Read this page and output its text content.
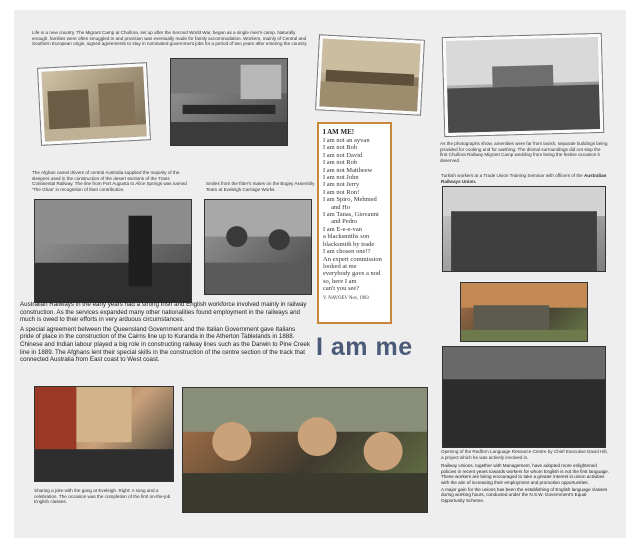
Life in a new country. The Migrant Camp at Chullora, set up after the Second World War, began as a single men's camp. Naturally enough, families were often smuggled in and provision was eventually made for family accommodation. Workers, mainly of Central and Southern European origin, signed agreements to stay in nominated government jobs for a period of two years after entering the country.
As the photographs show, amenities were far from lavish, separate buildings being provided for cooking and for washing. The dismal surroundings did not stop the first Chullora Railway Migrant Camp wedding from being the festive occasion it deserved.
The Afghan camel drivers of central Australia supplied the majority of the sleepers used in the construction of the desert sections of the Trans Continental Railway. The line from Port Augusta to Alice Springs was named 'The Ghan' in recognition of their contribution.
Smiles from the fitter's mates on the Bogey Assembly Team at Eveleigh Carriage Works.
Turkish workers at a Trade Union Training Seminar with officers of the Australian Railways Union.
I AM ME!
I am not an ayvan
I am not Bob
I am not David
I am not Rob
I am not Mattheew
I am not John
I am not Jerry
I am not Ron!
I am Spiro, Mehmed
and Ho
I am Tanas, Giovanni
and Pedro
I am E-e-e-van
a blacksmiths son
blacksmith by trade
I am chosen one!?
An expert commission
looked at me
everybody gave a nod
so, here I am
can't you see?
V. NAVOEV Nov, 1983
I am me

Australian Railways in the early years had a strong Irish and English workforce involved mainly in railway construction. As the services expanded many other nationalities found employment in the railways and much is owed to their efforts in very arduous circumstances.

A special agreement between the Queensland Government and the Italian Government gave Italians pride of place in the construction of the Cairns line up to Kuranda in the Atherton Tablelands in 1888. Chinese and Indian labour played a big role in constructing railway lines such as the Darwin to Pine Creek line in 1889. The Afghans lent their special skills in the construction of the centre section of the track that connected Australia from East coast to West coast.

Sharing a joke with the gang at Eveleigh. Right: A song and a celebration. The occasion was the completion of the first on-the-job English classes.
Opening of the Redfern Language Resource Centre by Chief Executive David Hill, a project which he was actively involved in.

Railway Unions, together with Management, have adopted more enlightened policies in recent years towards workers for whom English is not the first language. These workers are being encouraged to take a greater interest in union activities with the aim of increasing their employment and promotion opportunities.

A major gain for the unions has been the establishing of English language classes during working hours, conducted under the N.S.W. Government's Equal Opportunity Scheme.
